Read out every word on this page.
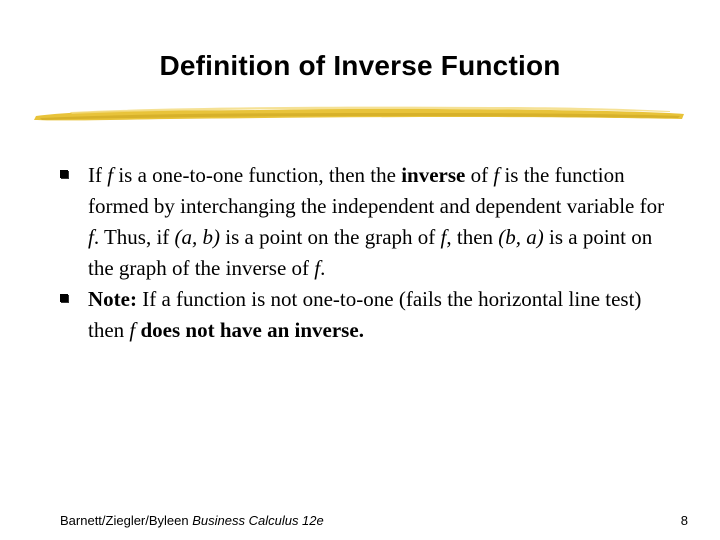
Definition of Inverse Function
If f is a one-to-one function, then the inverse of f is the function formed by interchanging the independent and dependent variable for f. Thus, if (a, b) is a point on the graph of f, then (b, a) is a point on the graph of the inverse of f.
Note: If a function is not one-to-one (fails the horizontal line test) then f does not have an inverse.
Barnett/Ziegler/Byleen Business Calculus 12e	8
